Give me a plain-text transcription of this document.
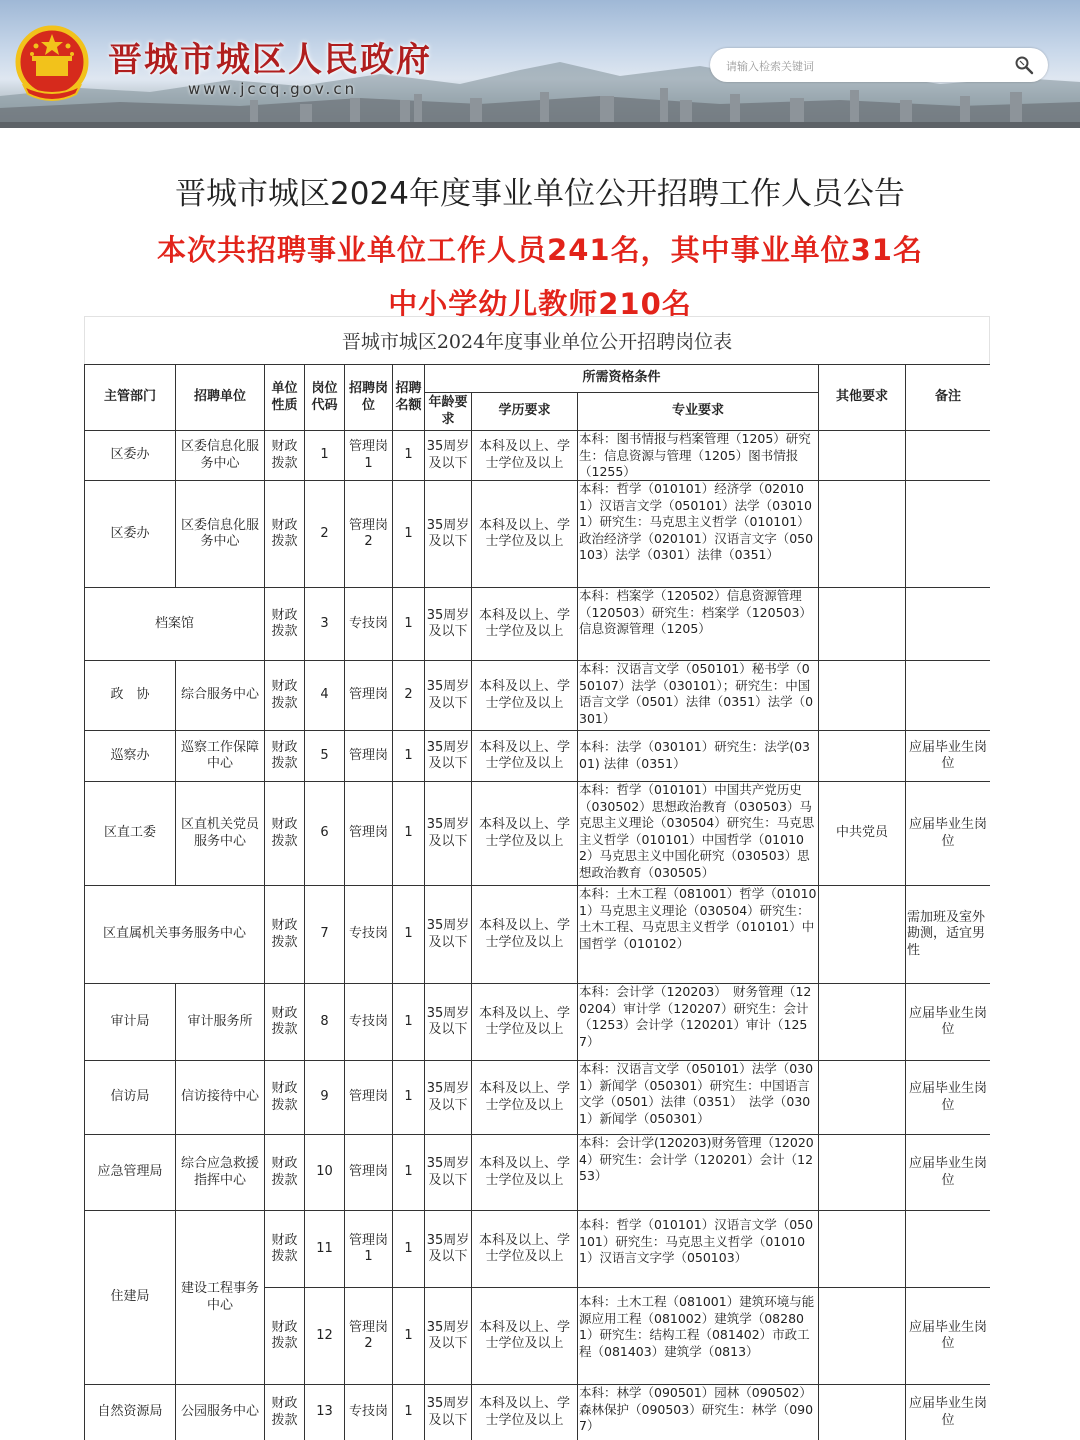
晋城市城区人民政府
www.jccq.gov.cn
请输入检索关键词
晋城市城区2024年度事业单位公开招聘工作人员公告
本次共招聘事业单位工作人员241名，其中事业单位31名
中小学幼儿教师210名
晋城市城区2024年度事业单位公开招聘岗位表
主管部门	招聘单位	单位性质	岗位代码	招聘岗位	招聘名额	所需资格条件			其他要求	备注
						年龄要求	学历要求	专业要求		
区委办	区委信息化服务中心	财政拨款	1	管理岗1	1	35周岁及以下	本科及以上、学士学位及以上	本科：图书情报与档案管理（1205）研究生：信息资源与管理（1205）图书情报（1255）		

区委办	区委信息化服务中心	财政拨款	2	管理岗2	1	35周岁及以下	本科及以上、学士学位及以上	本科：哲学（010101）经济学（020101）汉语言文学（050101）法学（030101）研究生：马克思主义哲学（010101）政治经济学（020101）汉语言文字（050103）法学（0301）法律（0351）		

档案馆		财政拨款	3	专技岗	1	35周岁及以下	本科及以上、学士学位及以上	本科：档案学（120502）信息资源管理（120503）研究生：档案学（120503）信息资源管理（1205）		

政　协	综合服务中心	财政拨款	4	管理岗	2	35周岁及以下	本科及以上、学士学位及以上	本科：汉语言文学（050101）秘书学（050107）法学（030101）；研究生：中国语言文学（0501）法律（0351）法学（0301）		

巡察办	巡察工作保障中心	财政拨款	5	管理岗	1	35周岁及以下	本科及以上、学士学位及以上	本科：法学（030101）研究生：法学(0301) 法律（0351）		应届毕业生岗位
区直工委	区直机关党员服务中心	财政拨款	6	管理岗	1	35周岁及以下	本科及以上、学士学位及以上	本科：哲学（010101）中国共产党历史（030502）思想政治教育（030503）马克思主义理论（030504）研究生：马克思主义哲学（010101）中国哲学（010102）马克思主义中国化研究（030503）思想政治教育（030505）	中共党员	应届毕业生岗位
区直属机关事务服务中心		财政拨款	7	专技岗	1	35周岁及以下	本科及以上、学士学位及以上	本科：土木工程（081001）哲学（010101）马克思主义理论（030504）研究生：土木工程、马克思主义哲学（010101）中国哲学（010102）		需加班及室外勘测，适宜男性
审计局	审计服务所	财政拨款	8	专技岗	1	35周岁及以下	本科及以上、学士学位及以上	本科：会计学（120203）　财务管理（120204）审计学（120207）研究生：会计（1253）会计学（120201）审计（1257）		应届毕业生岗位
信访局	信访接待中心	财政拨款	9	管理岗	1	35周岁及以下	本科及以上、学士学位及以上	本科：汉语言文学（050101）法学（0301）新闻学（050301）研究生：中国语言文学（0501）法律（0351）　法学（0301）新闻学（050301）		应届毕业生岗位
应急管理局	综合应急救援指挥中心	财政拨款	10	管理岗	1	35周岁及以下	本科及以上、学士学位及以上	本科：会计学(120203)财务管理（120204）研究生：会计学（120201）会计（1253）		应届毕业生岗位
住建局	建设工程事务中心	财政拨款	11	管理岗1	1	35周岁及以下	本科及以上、学士学位及以上	本科：哲学（010101）汉语言文学（050101）研究生：马克思主义哲学（010101）汉语言文字学（050103）		

		财政拨款	12	管理岗2	1	35周岁及以下	本科及以上、学士学位及以上	本科：土木工程（081001）建筑环境与能源应用工程（081002）建筑学（082801）研究生：结构工程（081402）市政工程（081403）建筑学（0813）		应届毕业生岗位
自然资源局	公园服务中心	财政拨款	13	专技岗	1	35周岁及以下	本科及以上、学士学位及以上	本科：林学（090501）园林（090502）森林保护（090503）研究生：林学（0907）		应届毕业生岗位
